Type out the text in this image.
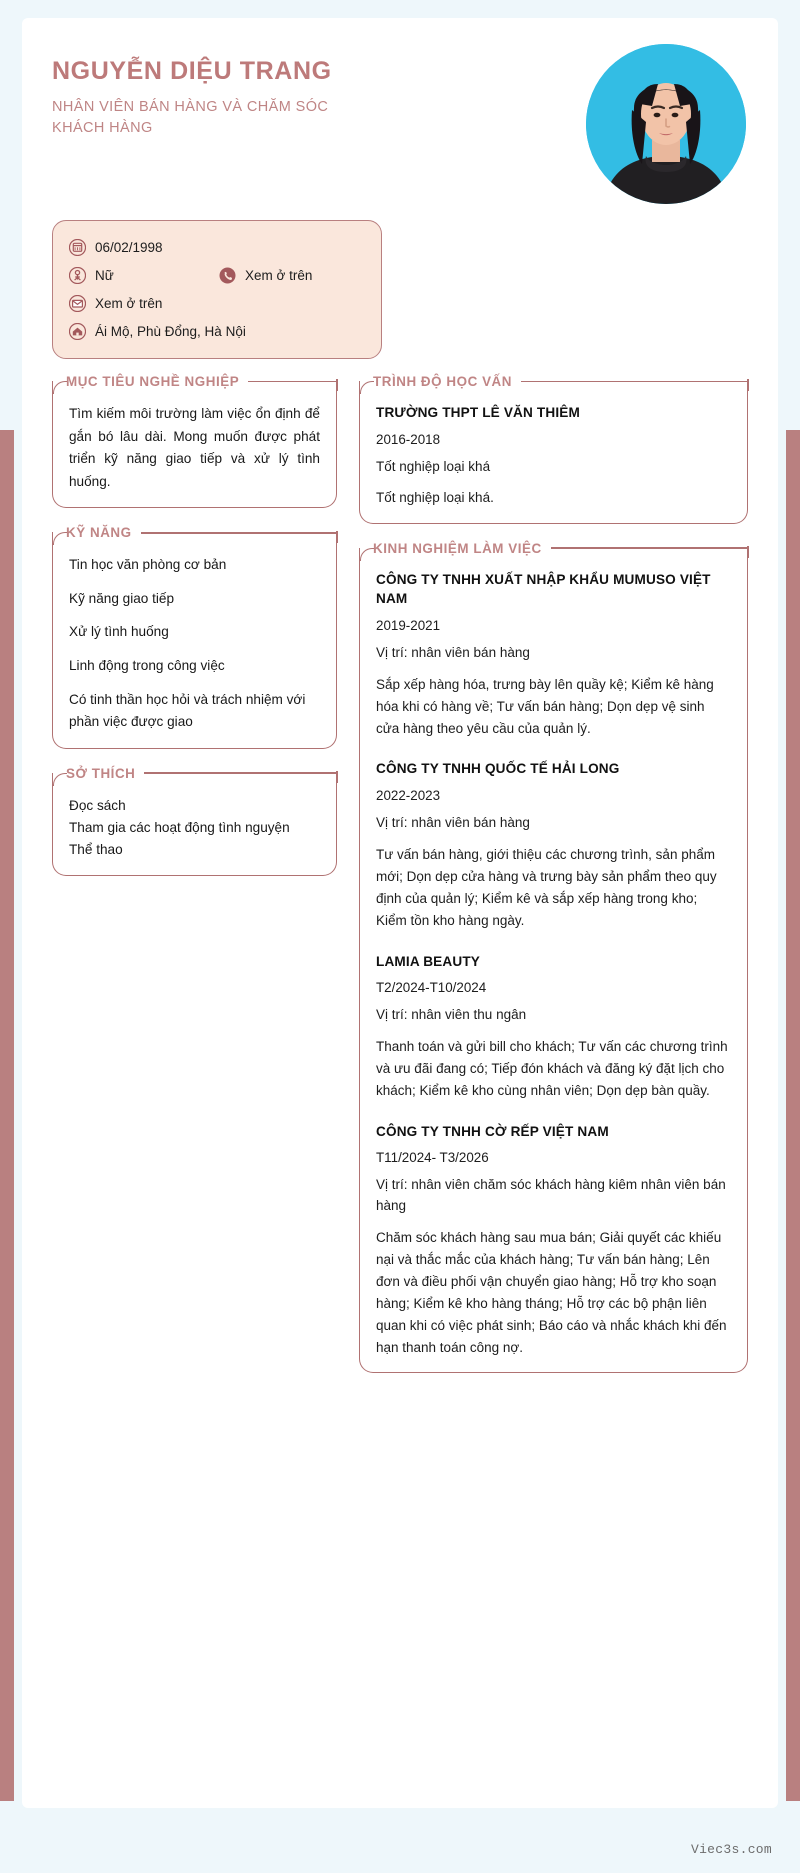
NGUYỄN DIỆU TRANG
NHÂN VIÊN BÁN HÀNG VÀ CHĂM SÓC KHÁCH HÀNG
06/02/1998
Nữ	Xem ở trên
Xem ở trên
Ái Mộ, Phù Đổng, Hà Nội
MỤC TIÊU NGHỀ NGHIỆP
Tìm kiếm môi trường làm việc ổn định để gắn bó lâu dài. Mong muốn được phát triển kỹ năng giao tiếp và xử lý tình huống.
KỸ NĂNG
Tin học văn phòng cơ bản
Kỹ năng giao tiếp
Xử lý tình huống
Linh động trong công việc
Có tinh thần học hỏi và trách nhiệm với phần việc được giao
SỞ THÍCH
Đọc sách
Tham gia các hoạt động tình nguyện
Thể thao
TRÌNH ĐỘ HỌC VẤN
TRƯỜNG THPT LÊ VĂN THIÊM
2016-2018
Tốt nghiệp loại khá
Tốt nghiệp loại khá.
KINH NGHIỆM LÀM VIỆC
CÔNG TY TNHH XUẤT NHẬP KHẨU MUMUSO VIỆT NAM
2019-2021
Vị trí: nhân viên bán hàng
Sắp xếp hàng hóa, trưng bày lên quầy kệ; Kiểm kê hàng hóa khi có hàng về; Tư vấn bán hàng; Dọn dẹp vệ sinh cửa hàng theo yêu cầu của quản lý.
CÔNG TY TNHH QUỐC TẾ HẢI LONG
2022-2023
Vị trí: nhân viên bán hàng
Tư vấn bán hàng, giới thiệu các chương trình, sản phẩm mới; Dọn dẹp cửa hàng và trưng bày sản phẩm theo quy định của quản lý; Kiểm kê và sắp xếp hàng trong kho; Kiểm tồn kho hàng ngày.
LAMIA BEAUTY
T2/2024-T10/2024
Vị trí: nhân viên thu ngân
Thanh toán và gửi bill cho khách; Tư vấn các chương trình và ưu đãi đang có; Tiếp đón khách và đăng ký đặt lịch cho khách; Kiểm kê kho cùng nhân viên; Dọn dẹp bàn quầy.
CÔNG TY TNHH CỜ RẾP VIỆT NAM
T11/2024- T3/2026
Vị trí: nhân viên chăm sóc khách hàng kiêm nhân viên bán hàng
Chăm sóc khách hàng sau mua bán; Giải quyết các khiếu nại và thắc mắc của khách hàng; Tư vấn bán hàng; Lên đơn và điều phối vận chuyển giao hàng; Hỗ trợ kho soạn hàng; Kiểm kê kho hàng tháng; Hỗ trợ các bộ phận liên quan khi có việc phát sinh; Báo cáo và nhắc khách khi đến hạn thanh toán công nợ.
Viec3s.com
